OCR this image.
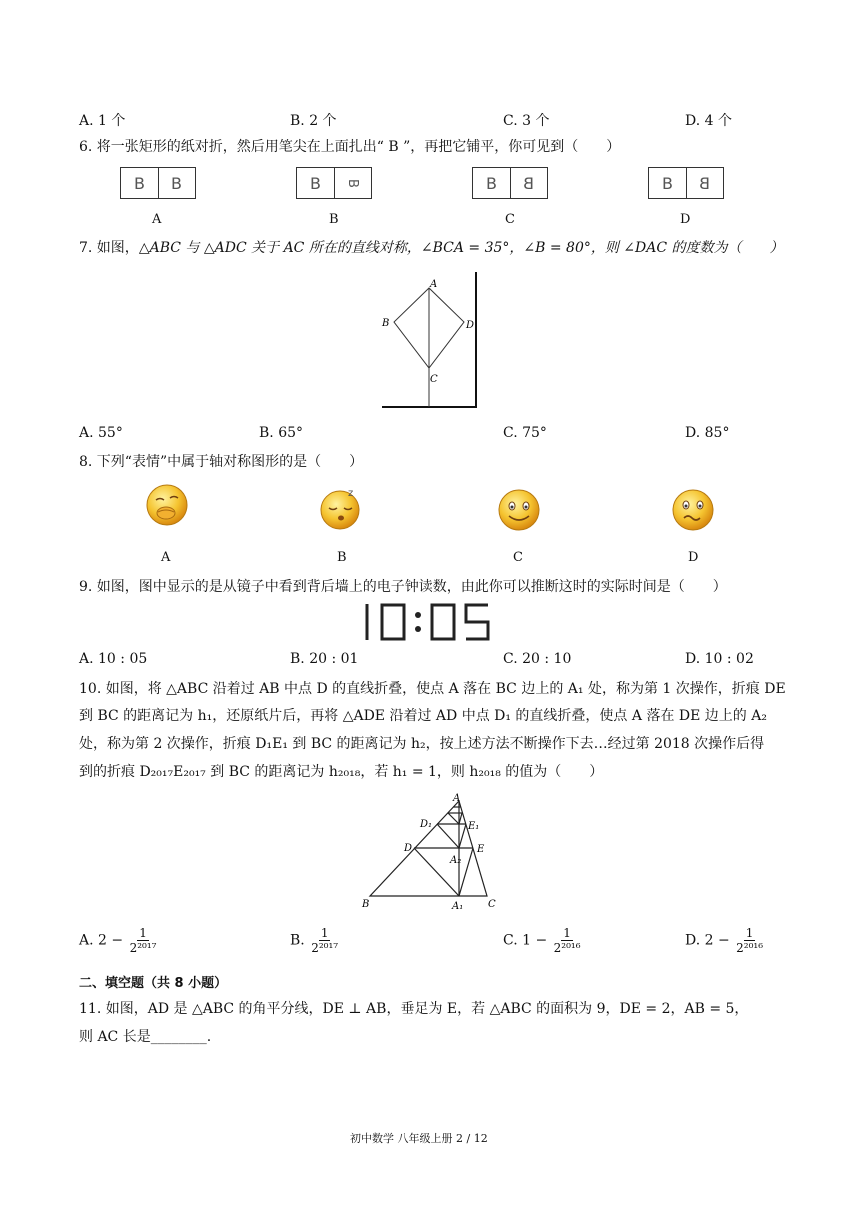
A. 1 个	B. 2 个	C. 3 个	D. 4 个
6. 将一张矩形的纸对折，然后用笔尖在上面扎出“ B ”，再把它铺平，你可见到（　　）
B B	B B	B B	B B
A	B	C	D
7. 如图，△ABC 与 △ADC 关于 AC 所在的直线对称，∠BCA = 35°，∠B = 80°，则 ∠DAC 的度数为（　　）
A
B
C
D
A. 55°	B. 65°	C. 75°	D. 85°
8. 下列“表情”中属于轴对称图形的是（　　）
z
A	B	C	D
9. 如图，图中显示的是从镜子中看到背后墙上的电子钟读数，由此你可以推断这时的实际时间是（　　）
A. 10 : 05	B. 20 : 01	C. 20 : 10	D. 10 : 02
10. 如图，将 △ABC 沿着过 AB 中点 D 的直线折叠，使点 A 落在 BC 边上的 A₁ 处，称为第 1 次操作，折痕 DE
到 BC 的距离记为 h₁，还原纸片后，再将 △ADE 沿着过 AD 中点 D₁ 的直线折叠，使点 A 落在 DE 边上的 A₂
处，称为第 2 次操作，折痕 D₁E₁ 到 BC 的距离记为 h₂，按上述方法不断操作下去…经过第 2018 次操作后得
到的折痕 D₂₀₁₇E₂₀₁₇ 到 BC 的距离记为 h₂₀₁₈，若 h₁ = 1，则 h₂₀₁₈ 的值为（　　）
A
D₁	E₁
D	E
A₂
B	A₁ C
A. $2 - \frac{1}{\text{2²⁰¹⁷}}$	B. $\frac{1}{\text{2²⁰¹⁷}}$	C. $1 - \frac{1}{\text{2²⁰¹⁶}}$	D. $2 - \frac{1}{\text{2²⁰¹⁶}}$
二、填空题（共 8 小题）
11. 如图，AD 是 △ABC 的角平分线，DE ⊥ AB，垂足为 E，若 △ABC 的面积为 9，DE = 2，AB = 5，
则 AC 长是________.
初中数学 八年级上册 2 / 12
